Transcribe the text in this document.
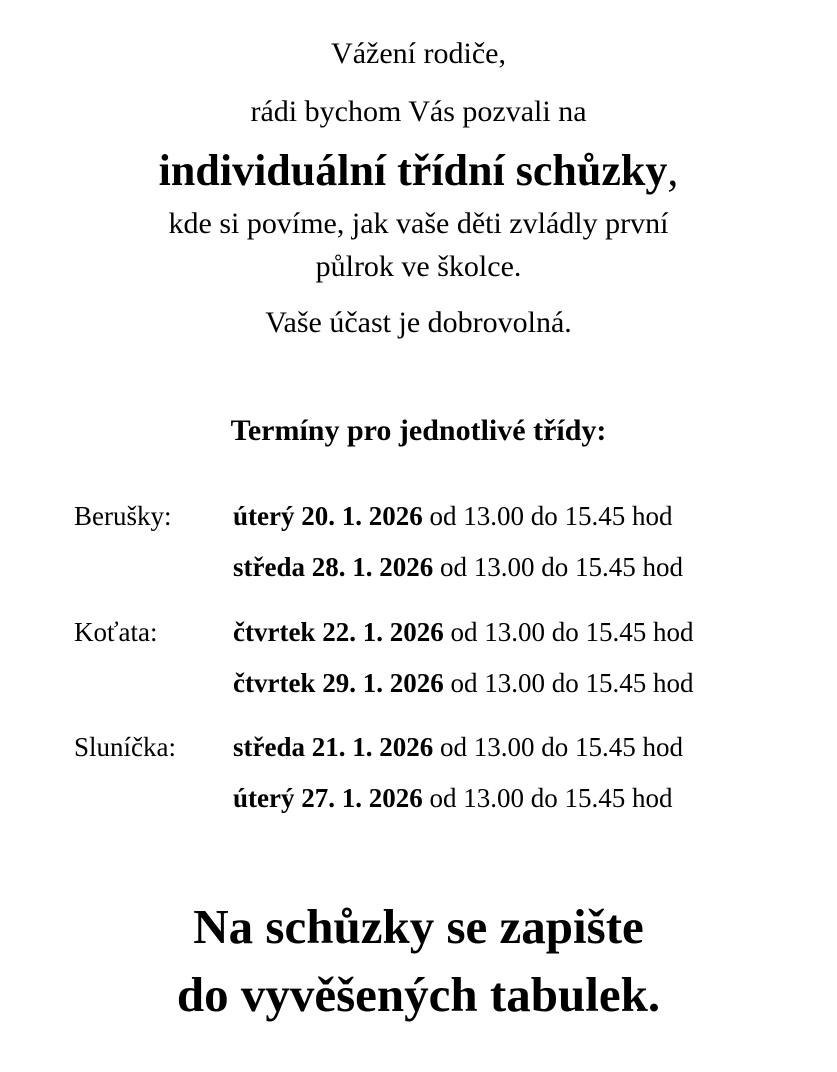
Vážení rodiče,
rádi bychom Vás pozvali na
individuální třídní schůzky,
kde si povíme, jak vaše děti zvládly první
půlrok ve školce.
Vaše účast je dobrovolná.
Termíny pro jednotlivé třídy:
Berušky: úterý 20. 1. 2026 od 13.00 do 15.45 hod
středa 28. 1. 2026 od 13.00 do 15.45 hod
Koťata:	čtvrtek 22. 1. 2026 od 13.00 do 15.45 hod
čtvrtek 29. 1. 2026 od 13.00 do 15.45 hod
Sluníčka: středa 21. 1. 2026 od 13.00 do 15.45 hod
úterý 27. 1. 2026 od 13.00 do 15.45 hod
Na schůzky se zapište
do vyvěšených tabulek.
